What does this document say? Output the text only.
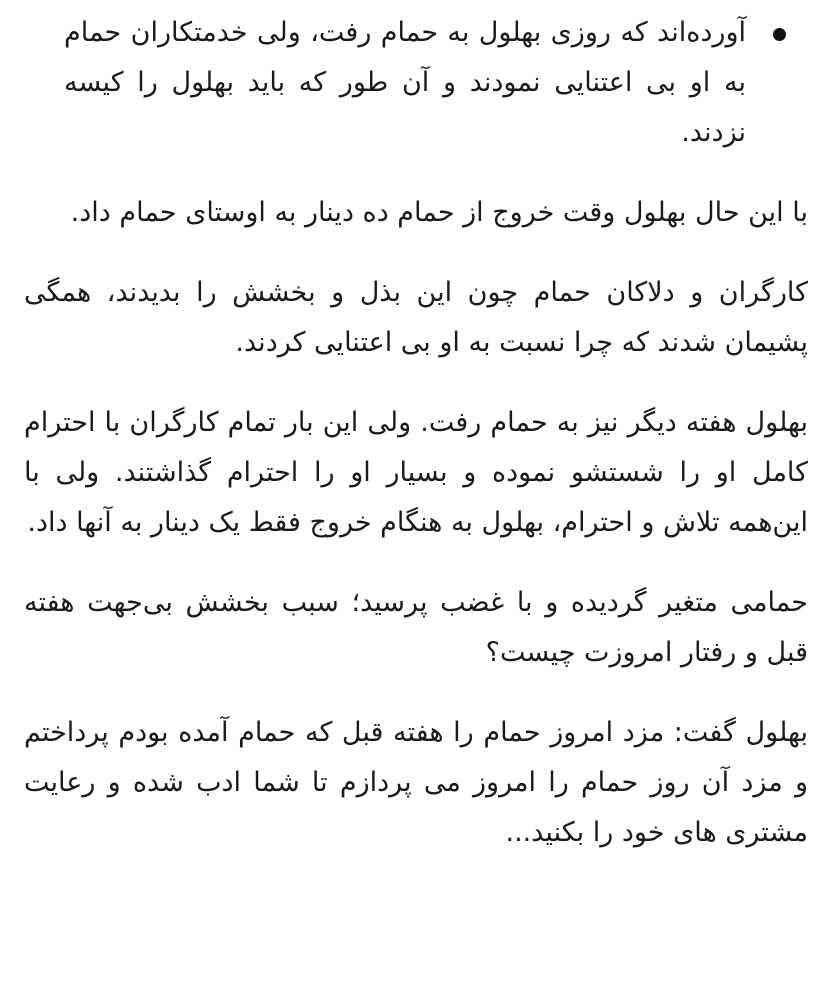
آورده‌اند که روزی بهلول به حمام رفت، ولی خدمتکاران حمام به او بی اعتنایی نمودند و آن طور که باید بهلول را کیسه نزدند.

با این حال بهلول وقت خروج از حمام ده دینار به اوستای حمام داد.

کارگران و دلاکان حمام چون این بذل و بخشش را بدیدند، همگی پشیمان شدند که چرا نسبت به او بی اعتنایی کردند.

بهلول هفته دیگر نیز به حمام رفت. ولی این بار تمام کارگران با احترام کامل او را شستشو نموده و بسیار او را احترام گذاشتند. ولی با این‌همه تلاش و احترام، بهلول به هنگام خروج فقط یک دینار به آنها داد.

حمامی متغیر گردیده و با غضب پرسید؛ سبب بخشش بی‌جهت هفته قبل و رفتار امروزت چیست؟

بهلول گفت: مزد امروز حمام را هفته قبل که حمام آمده بودم پرداختم و مزد آن روز حمام را امروز می پردازم تا شما ادب شده و رعایت مشتری های خود را بکنید...
